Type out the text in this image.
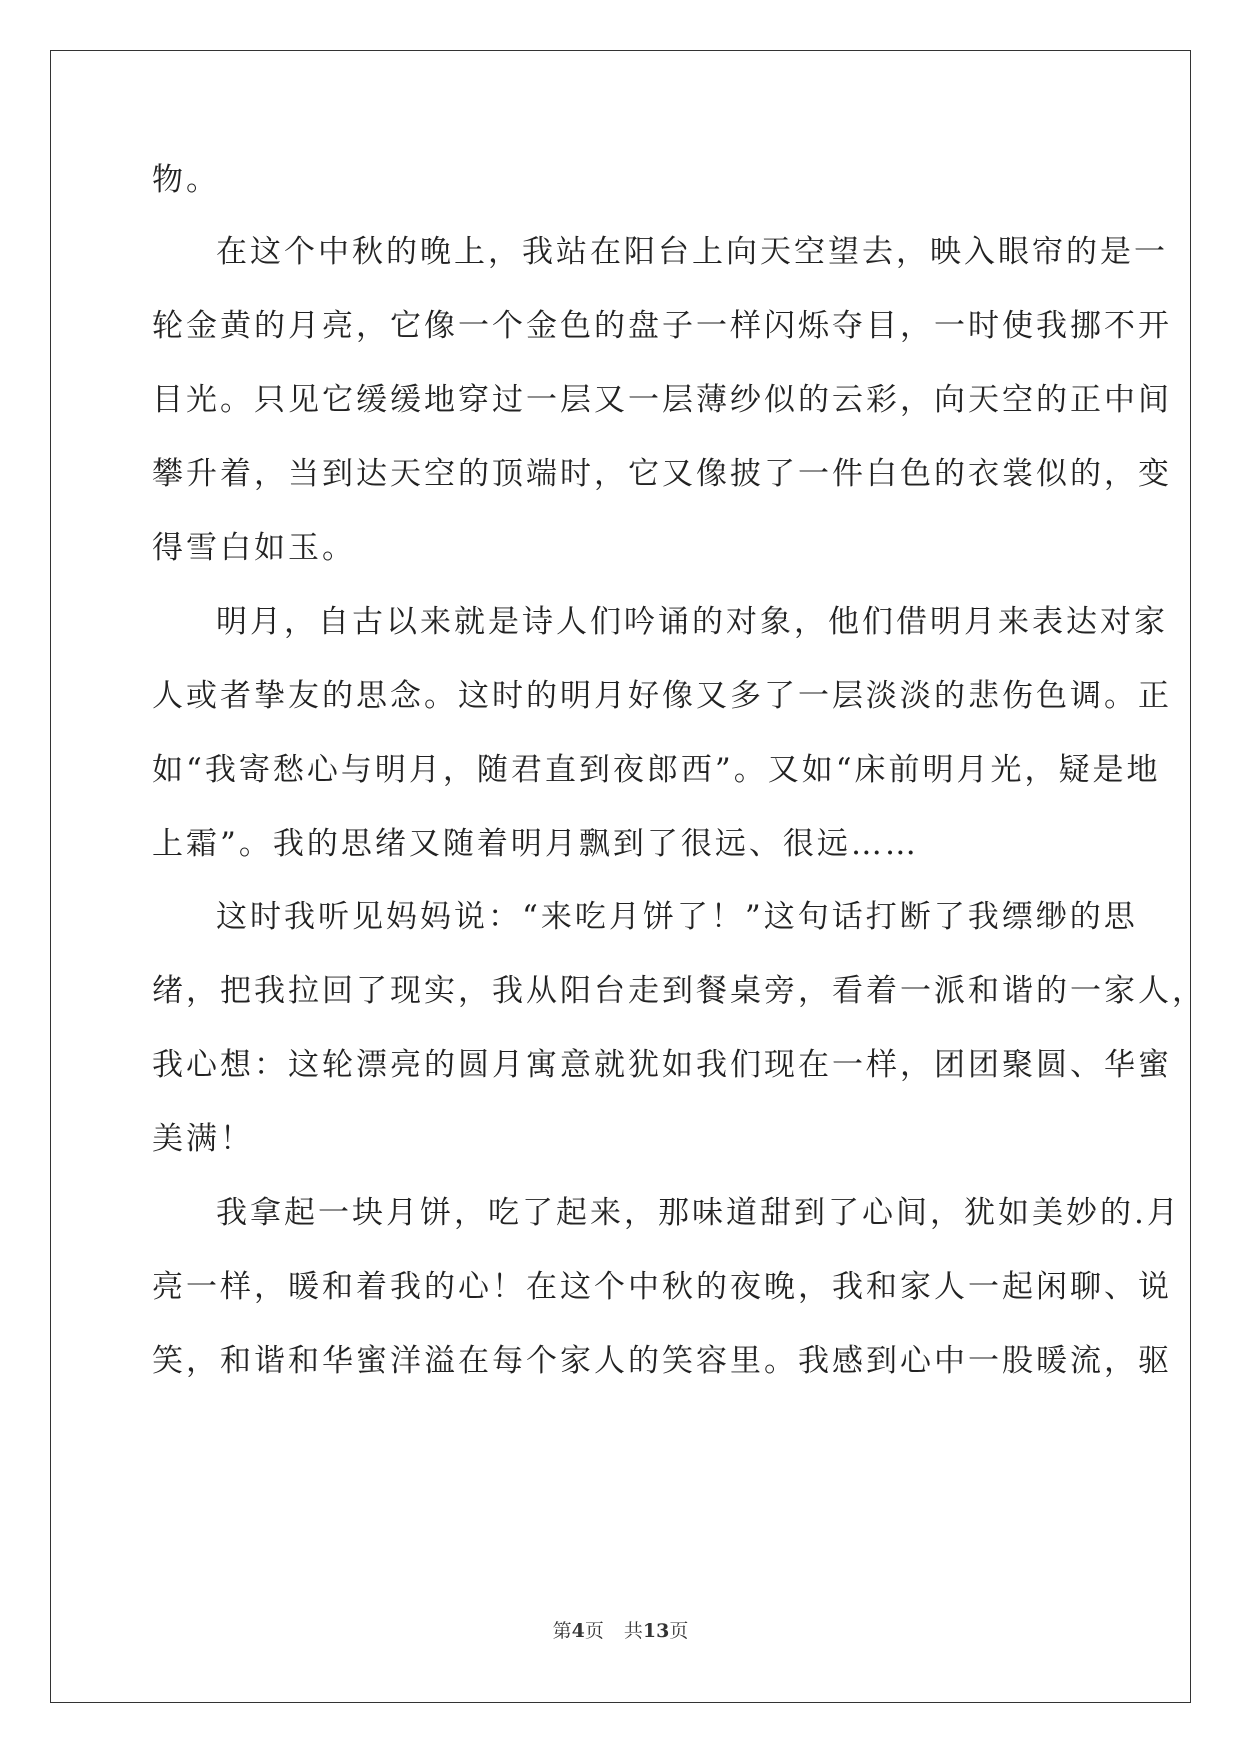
物。
在这个中秋的晚上，我站在阳台上向天空望去，映入眼帘的是一
轮金黄的月亮，它像一个金色的盘子一样闪烁夺目，一时使我挪不开
目光。只见它缓缓地穿过一层又一层薄纱似的云彩，向天空的正中间
攀升着，当到达天空的顶端时，它又像披了一件白色的衣裳似的，变
得雪白如玉。
明月，自古以来就是诗人们吟诵的对象，他们借明月来表达对家
人或者挚友的思念。这时的明月好像又多了一层淡淡的悲伤色调。正
如“我寄愁心与明月，随君直到夜郎西”。又如“床前明月光，疑是地
上霜”。我的思绪又随着明月飘到了很远、很远……
这时我听见妈妈说：“来吃月饼了！”这句话打断了我缥缈的思
绪，把我拉回了现实，我从阳台走到餐桌旁，看着一派和谐的一家人，
我心想：这轮漂亮的圆月寓意就犹如我们现在一样，团团聚圆、华蜜
美满！
我拿起一块月饼，吃了起来，那味道甜到了心间，犹如美妙的.月
亮一样，暖和着我的心！在这个中秋的夜晚，我和家人一起闲聊、说
笑，和谐和华蜜洋溢在每个家人的笑容里。我感到心中一股暖流，驱
第4页 共13页
